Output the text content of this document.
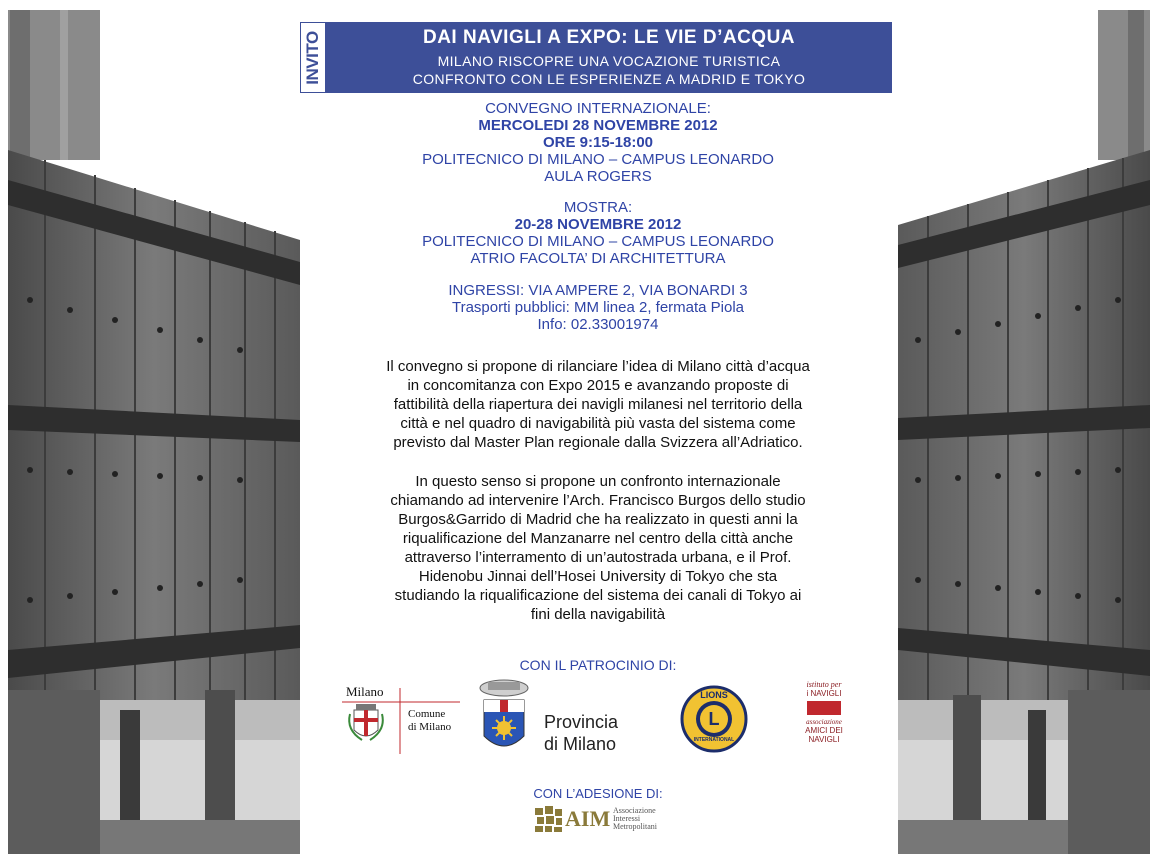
INVITO	DAI NAVIGLI A EXPO: LE VIE D’ACQUA
MILANO RISCOPRE UNA VOCAZIONE TURISTICA
CONFRONTO CON LE ESPERIENZE A MADRID E TOKYO
CONVEGNO INTERNAZIONALE:
MERCOLEDI 28 NOVEMBRE 2012
ORE 9:15-18:00
POLITECNICO DI MILANO – CAMPUS LEONARDO
AULA ROGERS
MOSTRA:
20-28 NOVEMBRE 2012
POLITECNICO DI MILANO – CAMPUS LEONARDO
ATRIO FACOLTA’ DI ARCHITETTURA
INGRESSI: VIA AMPERE 2, VIA BONARDI 3
Trasporti pubblici: MM linea 2, fermata Piola
Info: 02.33001974
Il convegno si propone di rilanciare l’idea di Milano città d’acqua
in concomitanza con Expo 2015 e avanzando proposte di
fattibilità della riapertura dei navigli milanesi nel territorio della
città e nel quadro di navigabilità più vasta del sistema come
previsto dal Master Plan regionale dalla Svizzera all’Adriatico.
In questo senso si propone un confronto internazionale
chiamando ad intervenire l’Arch. Francisco Burgos dello studio
Burgos&Garrido di Madrid che ha realizzato in questi anni la
riqualificazione del Manzanarre nel centro della città anche
attraverso l’interramento di un’autostrada urbana, e il Prof.
Hidenobu Jinnai dell’Hosei University di Tokyo che sta
studiando la riqualificazione del sistema dei canali di Tokyo ai
fini della navigabilità
CON IL PATROCINIO DI:
Milano
Comune
di Milano	Provincia
di Milano
LIONS
L
INTERNATIONAL
istituto per
i NAVIGLI
associazione
AMICI DEI
NAVIGLI
CON L’ADESIONE DI:
AIM Associazione
Interessi
Metropolitani
